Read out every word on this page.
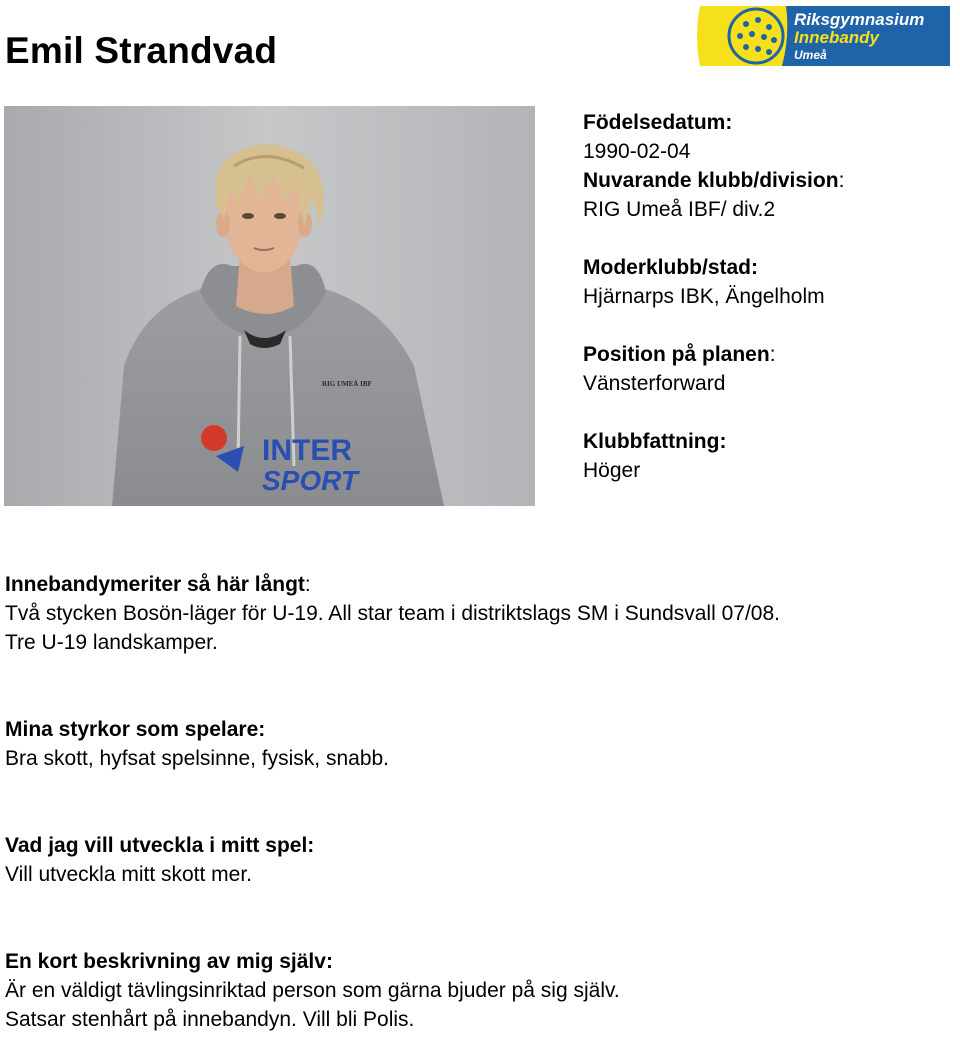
Emil Strandvad
Riksgymnasium
Innebandy
Umeå
RIG UMEÅ IBF
INTER
SPORT
Födelsedatum:
1990-02-04
Nuvarande klubb/division:
RIG Umeå IBF/ div.2
Moderklubb/stad:
Hjärnarps IBK, Ängelholm
Position på planen:
Vänsterforward
Klubbfattning:
Höger

Innebandymeriter så här långt:

Två stycken Bosön-läger för U-19. All star team i distriktslags SM i Sundsvall 07/08.

Tre U-19 landskamper.

Mina styrkor som spelare:

Bra skott, hyfsat spelsinne, fysisk, snabb.

Vad jag vill utveckla i mitt spel:

Vill utveckla mitt skott mer.

En kort beskrivning av mig själv:

Är en väldigt tävlingsinriktad person som gärna bjuder på sig själv.

Satsar stenhårt på innebandyn. Vill bli Polis.
